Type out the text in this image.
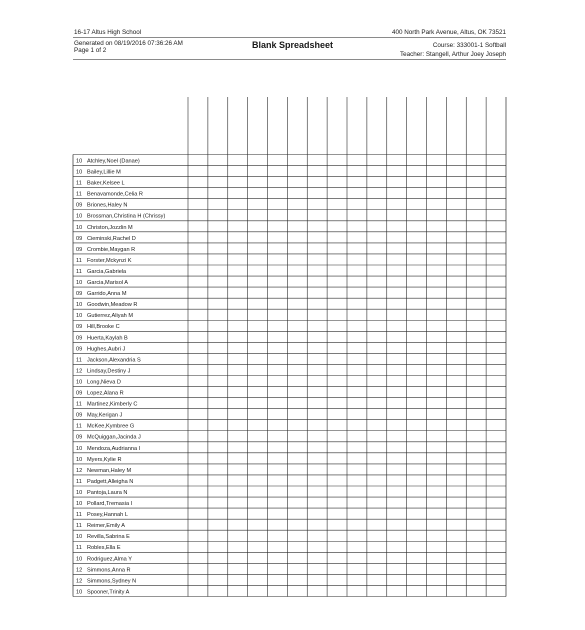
16-17 Altus High School	400 North Park Avenue, Altus, OK 73521
Generated on 08/19/2016 07:36:26 AM
Page 1 of 2
Blank Spreadsheet	Course: 333001-1 Softball
Teacher: Stangell, Arthur Joey Joseph
10 Atchley,Noel (Danae)
10 Bailey,Lillie M
11 Baker,Kelsee L
11 Benavamonde,Celia R
09 Briones,Haley N
10 Brossman,Christina H (Chrissy)
10 Christon,Jozzlin M
09 Cieminski,Rachel D
09 Crombie,Maygan R
11 Forster,Mckynzi K
11 Garcia,Gabriela
10 Garcia,Marisol A
09 Garrido,Anna M
10 Goodwin,Meadow R
10 Gutierrez,Aliyah M
09 Hill,Brooke C
09 Huerta,Kaylah B
09 Hughes,Aubri J
11 Jackson,Alexandria S
12 Lindsay,Destiny J
10 Long,Nieva D
09 Lopez,Alana R
11 Martinez,Kimberly C
09 May,Kerigan J
11 McKee,Kymbree G
09 McQuiggan,Jacinda J
10 Mendoza,Audrianna I
10 Myers,Kylie R
12 Newman,Haley M
11 Padgett,Alleigha N
10 Pantoja,Laura N
10 Pollard,Tremasia I
11 Posey,Hannah L
11 Reimer,Emily A
10 Revilla,Sabrina E
11 Robles,Ella E
10 Rodriguez,Alma Y
12 Simmons,Anna R
12 Simmons,Sydney N
10 Spooner,Trinity A
